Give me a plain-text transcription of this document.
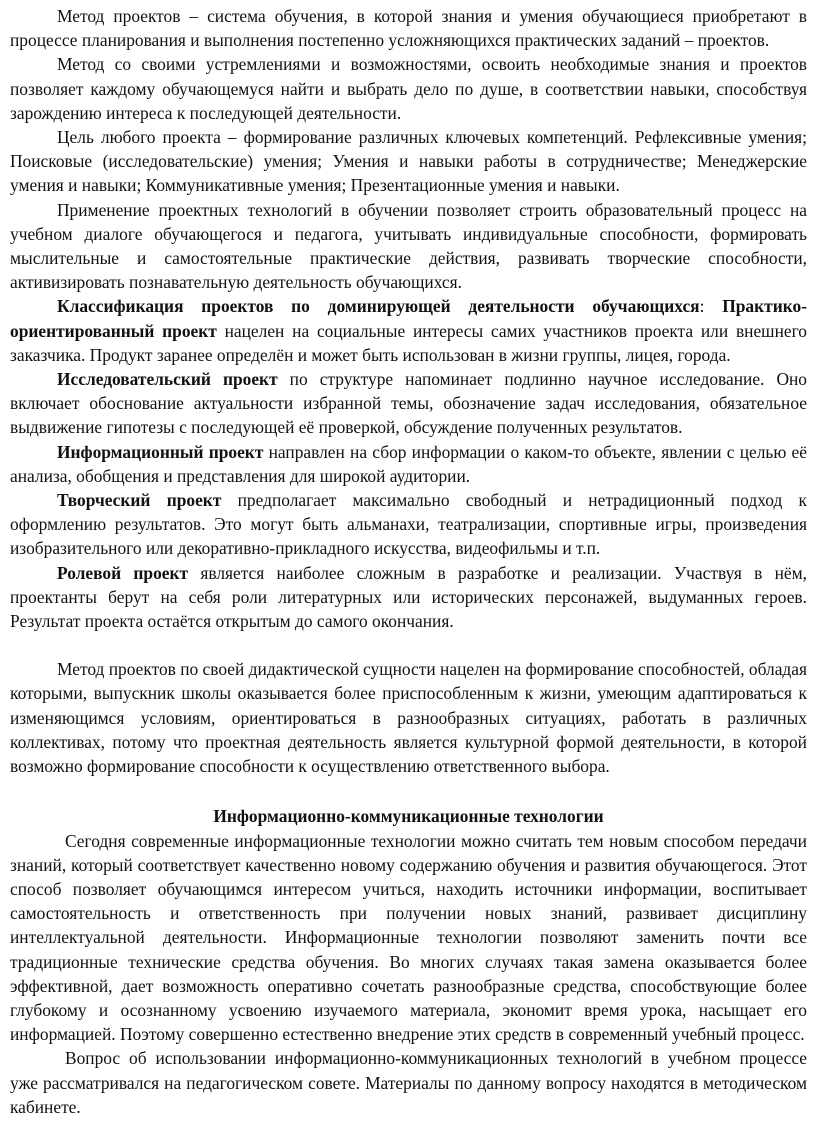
Метод проектов – система обучения, в которой знания и умения обучающиеся приобретают в процессе планирования и выполнения постепенно усложняющихся практических заданий – проектов.

Метод со своими устремлениями и возможностями, освоить необходимые знания и проектов позволяет каждому обучающемуся найти и выбрать дело по душе, в соответствии навыки, способствуя зарождению интереса к последующей деятельности.

Цель любого проекта – формирование различных ключевых компетенций. Рефлексивные умения; Поисковые (исследовательские) умения; Умения и навыки работы в сотрудничестве; Менеджерские умения и навыки; Коммуникативные умения; Презентационные умения и навыки.

Применение проектных технологий в обучении позволяет строить образовательный процесс на учебном диалоге обучающегося и педагога, учитывать индивидуальные способности, формировать мыслительные и самостоятельные практические действия, развивать творческие способности, активизировать познавательную деятельность обучающихся.

Классификация проектов по доминирующей деятельности обучающихся: Практико-ориентированный проект нацелен на социальные интересы самих участников проекта или внешнего заказчика. Продукт заранее определён и может быть использован в жизни группы, лицея, города.

Исследовательский проект по структуре напоминает подлинно научное исследование. Оно включает обоснование актуальности избранной темы, обозначение задач исследования, обязательное выдвижение гипотезы с последующей её проверкой, обсуждение полученных результатов.

Информационный проект направлен на сбор информации о каком-то объекте, явлении с целью её анализа, обобщения и представления для широкой аудитории.

Творческий проект предполагает максимально свободный и нетрадиционный подход к оформлению результатов. Это могут быть альманахи, театрализации, спортивные игры, произведения изобразительного или декоративно-прикладного искусства, видеофильмы и т.п.

Ролевой проект является наиболее сложным в разработке и реализации. Участвуя в нём, проектанты берут на себя роли литературных или исторических персонажей, выдуманных героев. Результат проекта остаётся открытым до самого окончания.

Метод проектов по своей дидактической сущности нацелен на формирование способностей, обладая которыми, выпускник школы оказывается более приспособленным к жизни, умеющим адаптироваться к изменяющимся условиям, ориентироваться в разнообразных ситуациях, работать в различных коллективах, потому что проектная деятельность является культурной формой деятельности, в которой возможно формирование способности к осуществлению ответственного выбора.

Информационно-коммуникационные технологии

Сегодня современные информационные технологии можно считать тем новым способом передачи знаний, который соответствует качественно новому содержанию обучения и развития обучающегося. Этот способ позволяет обучающимся интересом учиться, находить источники информации, воспитывает самостоятельность и ответственность при получении новых знаний, развивает дисциплину интеллектуальной деятельности. Информационные технологии позволяют заменить почти все традиционные технические средства обучения. Во многих случаях такая замена оказывается более эффективной, дает возможность оперативно сочетать разнообразные средства, способствующие более глубокому и осознанному усвоению изучаемого материала, экономит время урока, насыщает его информацией. Поэтому совершенно естественно внедрение этих средств в современный учебный процесс.

Вопрос об использовании информационно-коммуникационных технологий в учебном процессе уже рассматривался на педагогическом совете. Материалы по данному вопросу находятся в методическом кабинете.
